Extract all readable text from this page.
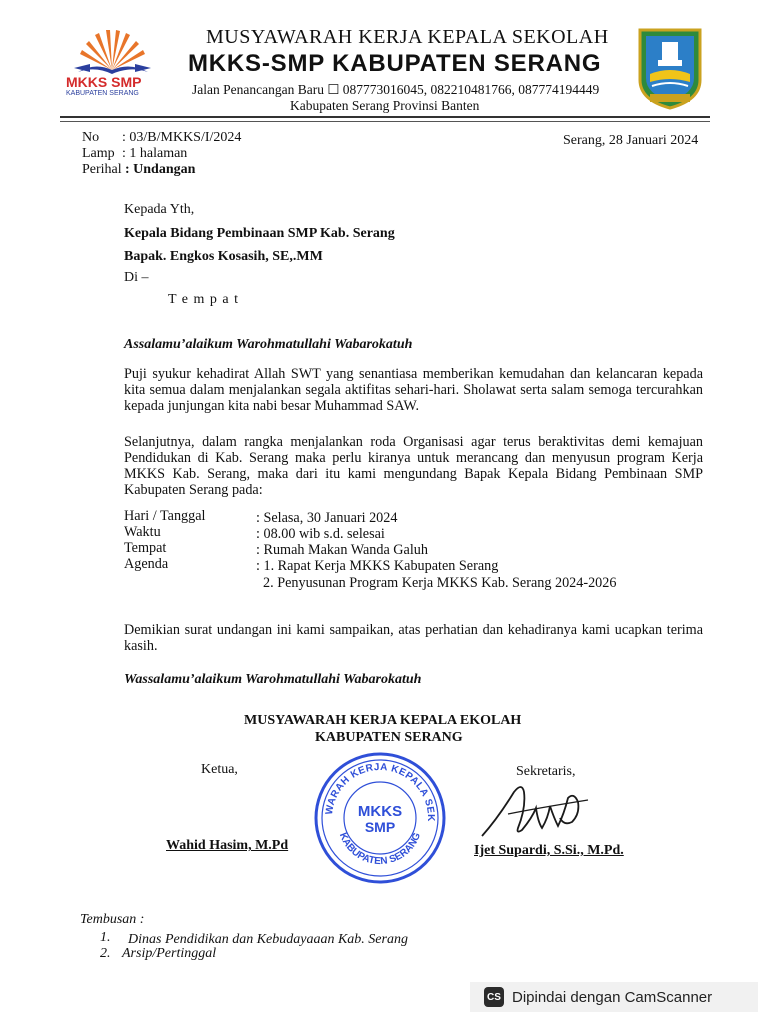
MKKS SMP
KABUPATEN SERANG
MUSYAWARAH KERJA KEPALA SEKOLAH
MKKS-SMP KABUPATEN SERANG
Jalan Penancangan Baru ☐ 087773016045, 082210481766, 087774194449
Kabupaten Serang Provinsi Banten
No : 03/B/MKKS/I/2024
Lamp : 1 halaman
Perihal : Undangan
Serang, 28 Januari 2024
Kepada Yth,
Kepala Bidang Pembinaan SMP Kab. Serang
Bapak. Engkos Kosasih, SE,.MM
Di –
T e m p a t
Assalamu’alaikum Warohmatullahi Wabarokatuh
Puji syukur kehadirat Allah SWT yang senantiasa memberikan kemudahan dan kelancaran kepada kita semua dalam menjalankan segala aktifitas sehari-hari. Sholawat serta salam semoga tercurahkan kepada junjungan kita nabi besar Muhammad SAW.
Selanjutnya, dalam rangka menjalankan roda Organisasi agar terus beraktivitas demi kemajuan Pendidukan di Kab. Serang maka perlu kiranya untuk merancang dan menyusun program Kerja MKKS Kab. Serang, maka dari itu kami mengundang Bapak Kepala Bidang Pembinaan SMP Kabupaten Serang pada:
Hari / Tanggal	: Selasa, 30 Januari 2024
Waktu	: 08.00 wib s.d. selesai
Tempat	: Rumah Makan Wanda Galuh
Agenda	: 1. Rapat Kerja MKKS Kabupaten Serang
2. Penyusunan Program Kerja MKKS Kab. Serang 2024-2026
Demikian surat undangan ini kami sampaikan, atas perhatian dan kehadiranya kami ucapkan terima kasih.
Wassalamu’alaikum Warohmatullahi Wabarokatuh
MUSYAWARAH KERJA KEPALA EKOLAH
KABUPATEN SERANG
Ketua,	Sekretaris,
WARAH KERJA KEPALA SEK
KABUPATEN SERANG
MKKS
SMP
Wahid Hasim, M.Pd	Ijet Supardi, S.Si., M.Pd.
Tembusan :
1. Dinas Pendidikan dan Kebudayaaan Kab. Serang
2. Arsip/Pertinggal
CS Dipindai dengan CamScanner
